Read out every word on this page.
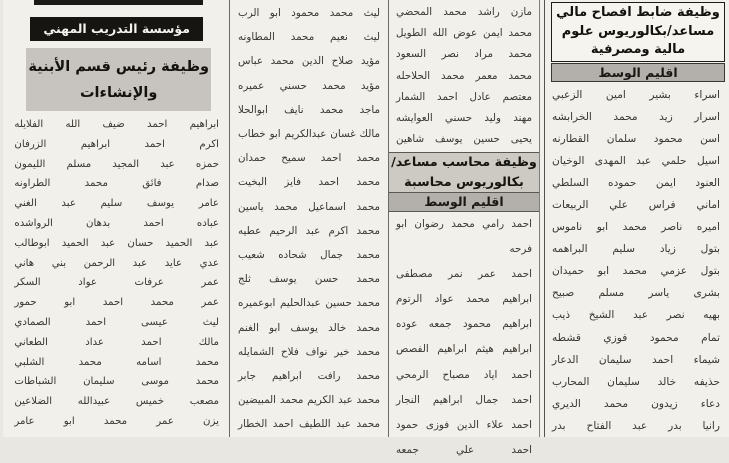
وظيفة ضابط افصاح مالي
مساعد/بكالوريوس علوم
مالية ومصرفية
اقليم الوسط
اسراء بشير امين الزعبي
اسرار زيد محمد الخرابشه
اسن محمود سلمان القطارنه
اسيل حلمي عبد المهدى الوخيان
العنود ايمن حموده السلطي
اماني فراس علي الربيعات
اميره ناصر محمد ابو ناموس
بتول زياد سليم البراهمه
بتول عزمي محمد ابو حميدان
بشرى ياسر مسلم صبيح
بهيه نصر عبد الشيخ ذيب
تمام محمود فوزي قشطه
شيماء احمد سليمان الدعار
حذيفه خالد سليمان المحارب
دعاء زيدون محمد الديري
رانيا بدر عبد الفتاح بدر
مازن راشد محمد المحضي
محمد ايمن عوض الله الطويل
محمد مراد نصر السعود
محمد معمر محمد الحلاحله
معتصم عادل احمد الشمار
مهند وليد حسني العوايشه
يحيى حسين يوسف شاهين
وظيفة محاسب مساعد/
بكالوريوس محاسبة
اقليم الوسط
احمد رامي محمد رضوان ابو فرحه
احمد عمر نمر مصطفى
ابراهيم محمد عواد الرتوم
ابراهيم محمود جمعه عوده
ابراهيم هيثم ابراهيم الفصص
احمد اياد مصباح الرمحي
احمد جمال ابراهيم النجار
احمد علاء الدين فوزى حمود
احمد علي جمعه
ليث محمد محمود ابو الرب
ليث نعيم محمد المطاونه
مؤيد صلاح الدين محمد عباس
مؤيد محمد حسني عميره
ماجد محمد نايف ابوالحلا
مالك غسان عبدالكريم ابو خطاب
محمد احمد سميح حمدان
محمد احمد فايز البخيت
محمد اسماعيل محمد ياسين
محمد اكرم عبد الرحيم عطيه
محمد جمال شحاده شعيب
محمد حسن يوسف ثلج
محمد حسين عبدالحليم ابوعميره
محمد خالد يوسف ابو الغنم
محمد خير نواف فلاح الشمايله
محمد رافت ابراهيم جابر
محمد عبد الكريم محمد المبيضين
محمد عبد اللطيف احمد الخطار
مؤسسة التدريب المهني
وظيفة رئيس قسم الأبنية
والإنشاءات
ابراهيم احمد ضيف الله الفلايله
اكرم احمد ابراهيم الزرفان
حمزه عبد المجيد مسلم الليمون
صدام فائق محمد الطراونه
عامر يوسف سليم عبد الغني
عباده احمد بدهان الرواشده
عبد الحميد حسان عبد الحميد ابوطالب
عدي عايد عبد الرحمن بني هاني
عمر عرفات عواد السكر
عمر محمد احمد ابو حمور
ليث عيسى احمد الصمادي
مالك احمد عداد الطعاني
محمد اسامه محمد الشلبي
محمد موسى سليمان الشباطات
مصعب خميس عبيدالله الضلاعين
يزن عمر محمد ابو عامر
